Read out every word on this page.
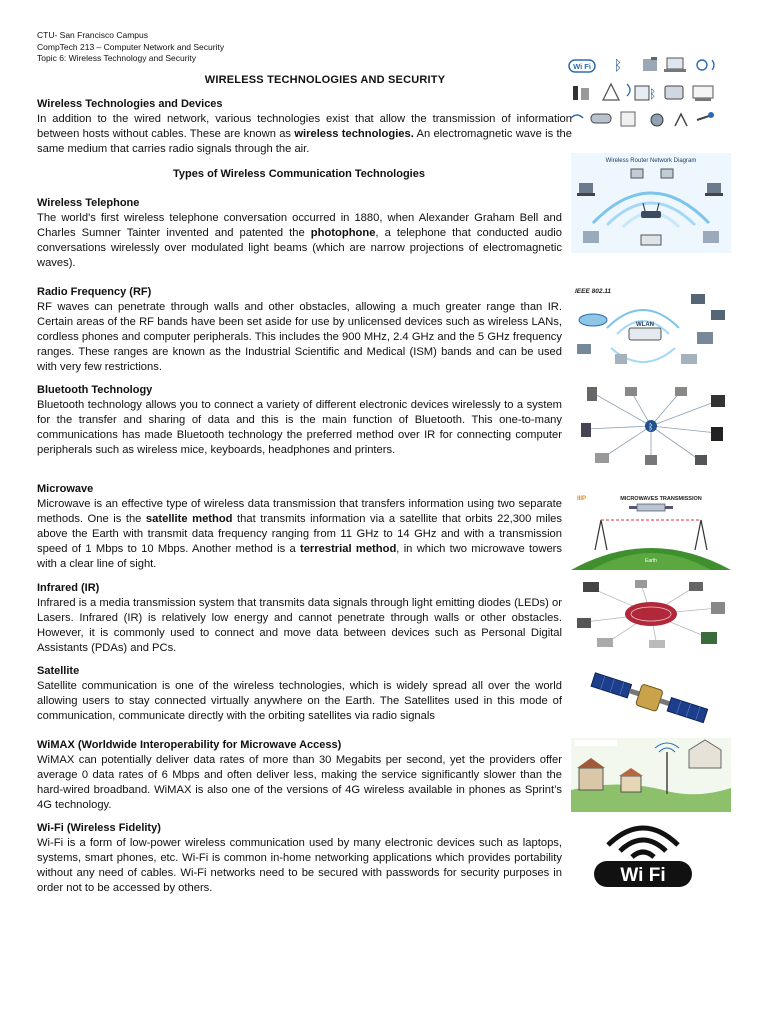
CTU- San Francisco Campus
CompTech 213 – Computer Network and Security
Topic 6: Wireless Technology and Security
WIRELESS TECHNOLOGIES AND SECURITY
Wireless Technologies and Devices

In addition to the wired network, various technologies exist that allow the transmission of information between hosts without cables. These are known as wireless technologies. An electromagnetic wave is the same medium that carries radio signals through the air.

Types of Wireless Communication Technologies
Wireless Telephone

The world's first wireless telephone conversation occurred in 1880, when Alexander Graham Bell and Charles Sumner Tainter invented and patented the photophone, a telephone that conducted audio conversations wirelessly over modulated light beams (which are narrow projections of electromagnetic waves).

Radio Frequency (RF)

RF waves can penetrate through walls and other obstacles, allowing a much greater range than IR. Certain areas of the RF bands have been set aside for use by unlicensed devices such as wireless LANs, cordless phones and computer peripherals. This includes the 900 MHz, 2.4 GHz and the 5 GHz frequency ranges. These ranges are known as the Industrial Scientific and Medical (ISM) bands and can be used with very few restrictions.

Bluetooth Technology

Bluetooth technology allows you to connect a variety of different electronic devices wirelessly to a system for the transfer and sharing of data and this is the main function of Bluetooth. This one-to-many communications has made Bluetooth technology the preferred method over IR for connecting computer peripherals such as wireless mice, keyboards, headphones and printers.

Microwave

Microwave is an effective type of wireless data transmission that transfers information using two separate methods. One is the satellite method that transmits information via a satellite that orbits 22,300 miles above the Earth with transmit data frequency ranging from 11 GHz to 14 GHz and with a transmission speed of 1 Mbps to 10 Mbps. Another method is a terrestrial method, in which two microwave towers with a clear line of sight.

Infrared (IR)

Infrared is a media transmission system that transmits data signals through light emitting diodes (LEDs) or Lasers. Infrared (IR) is relatively low energy and cannot penetrate through walls or other obstacles. However, it is commonly used to connect and move data between devices such as Personal Digital Assistants (PDAs) and PCs.

Satellite

Satellite communication is one of the wireless technologies, which is widely spread all over the world allowing users to stay connected virtually anywhere on the Earth. The Satellites used in this mode of communication, communicate directly with the orbiting satellites via radio signals

WiMAX (Worldwide Interoperability for Microwave Access)

WiMAX can potentially deliver data rates of more than 30 Megabits per second, yet the providers offer average 0 data rates of 6 Mbps and often deliver less, making the service significantly slower than the hard-wired broadband. WiMAX is also one of the versions of 4G wireless available in phones as Sprint’s 4G technology.

Wi-Fi (Wireless Fidelity)

Wi-Fi is a form of low-power wireless communication used by many electronic devices such as laptops, systems, smart phones, etc. Wi-Fi is common in-home networking applications which provides portability without any need of cables. Wi-Fi networks need to be secured with passwords for security purposes in order not to be accessed by others.

Wi Fi ᛒ
ᛒ
Wireless Router Network Diagram
IEEE 802.11
WLAN
ᛒ
IIIP	MICROWAVES TRANSMISSION
Earth
Wi Fi
